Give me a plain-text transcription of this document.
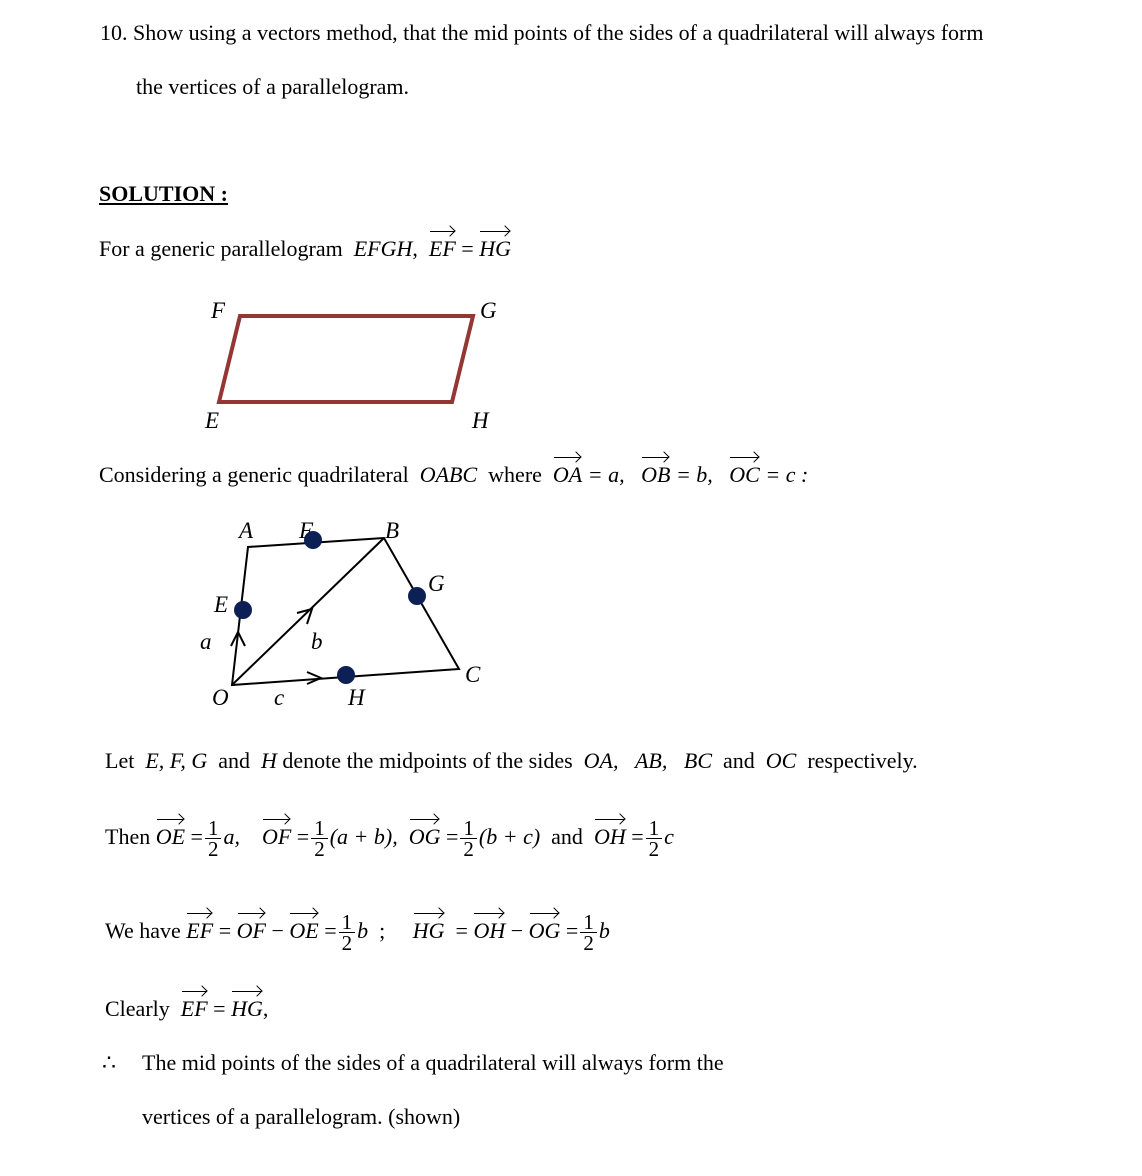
10. Show using a vectors method, that the mid points of the sides of a quadrilateral will always form
the vertices of a parallelogram.
SOLUTION :
For a generic parallelogram EFGH, EF = HG
F	G
E	H
A F	B
E
G
a	b
C
O c	H
Considering a generic quadrilateral OABC where OA = a, OB = b, OC = c :
Let E, F, G and H denote the midpoints of the sides OA, AB, BC and OC respectively.
Then OE = $\frac{1}{2} a$, OF = $\frac{1}{2} (a + b)$, OG = $\frac{1}{2} (b + c)$ and OH = $\frac{1}{2}$ c
We have EF = OF − OE = $\frac{1}{2}$ b ; HG = OH − OG = $\frac{1}{2}$ b
Clearly EF = HG,
∴ The mid points of the sides of a quadrilateral will always form the
vertices of a parallelogram. (shown)
